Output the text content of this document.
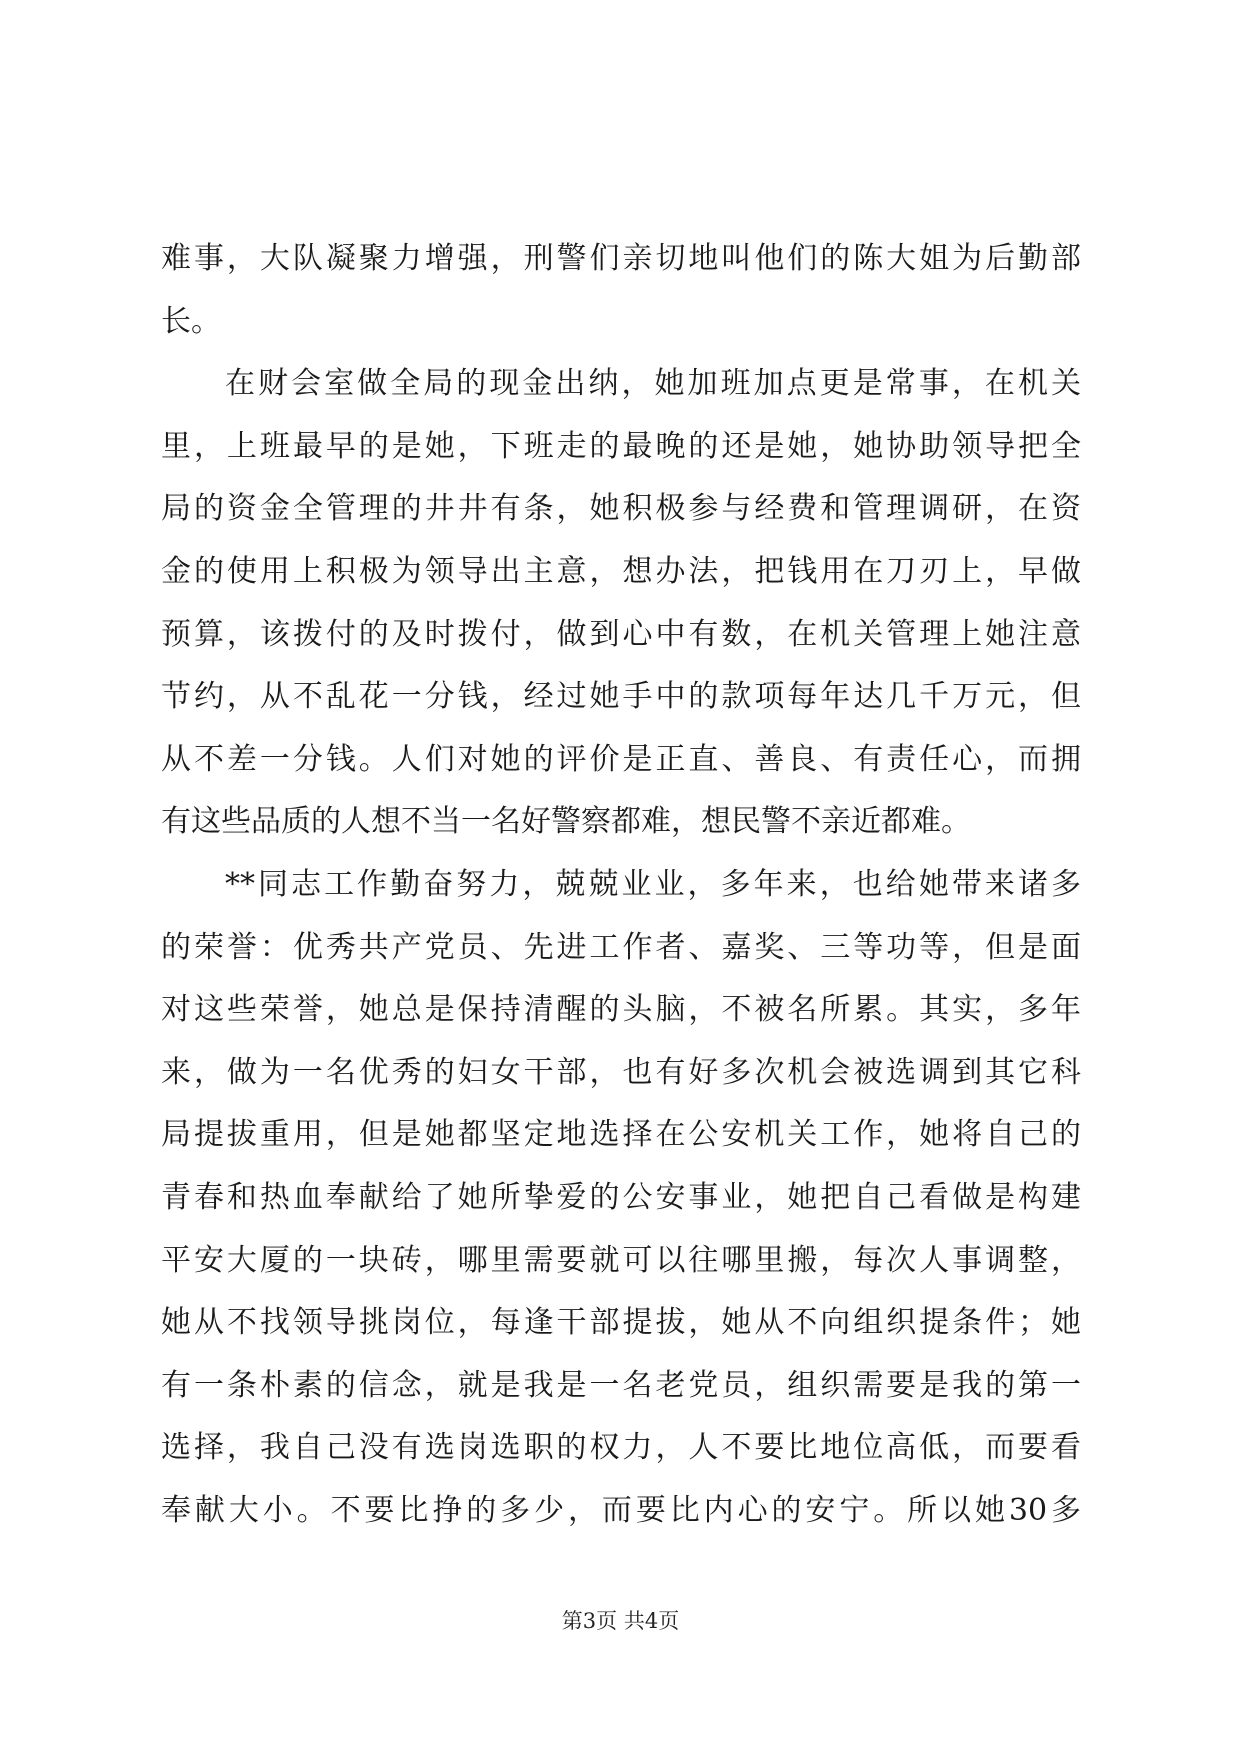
难事，大队凝聚力增强，刑警们亲切地叫他们的陈大姐为后勤部
长。
在财会室做全局的现金出纳，她加班加点更是常事，在机关
里，上班最早的是她，下班走的最晚的还是她，她协助领导把全
局的资金全管理的井井有条，她积极参与经费和管理调研，在资
金的使用上积极为领导出主意，想办法，把钱用在刀刃上，早做
预算，该拨付的及时拨付，做到心中有数，在机关管理上她注意
节约，从不乱花一分钱，经过她手中的款项每年达几千万元，但
从不差一分钱。人们对她的评价是正直、善良、有责任心，而拥
有这些品质的人想不当一名好警察都难，想民警不亲近都难。
**同志工作勤奋努力，兢兢业业，多年来，也给她带来诸多
的荣誉：优秀共产党员、先进工作者、嘉奖、三等功等，但是面
对这些荣誉，她总是保持清醒的头脑，不被名所累。其实，多年
来，做为一名优秀的妇女干部，也有好多次机会被选调到其它科
局提拔重用，但是她都坚定地选择在公安机关工作，她将自己的
青春和热血奉献给了她所挚爱的公安事业，她把自己看做是构建
平安大厦的一块砖，哪里需要就可以往哪里搬，每次人事调整，
她从不找领导挑岗位，每逢干部提拔，她从不向组织提条件；她
有一条朴素的信念，就是我是一名老党员，组织需要是我的第一
选择，我自己没有选岗选职的权力，人不要比地位高低，而要看
奉献大小。不要比挣的多少，而要比内心的安宁。所以她30多
第3页 共4页
